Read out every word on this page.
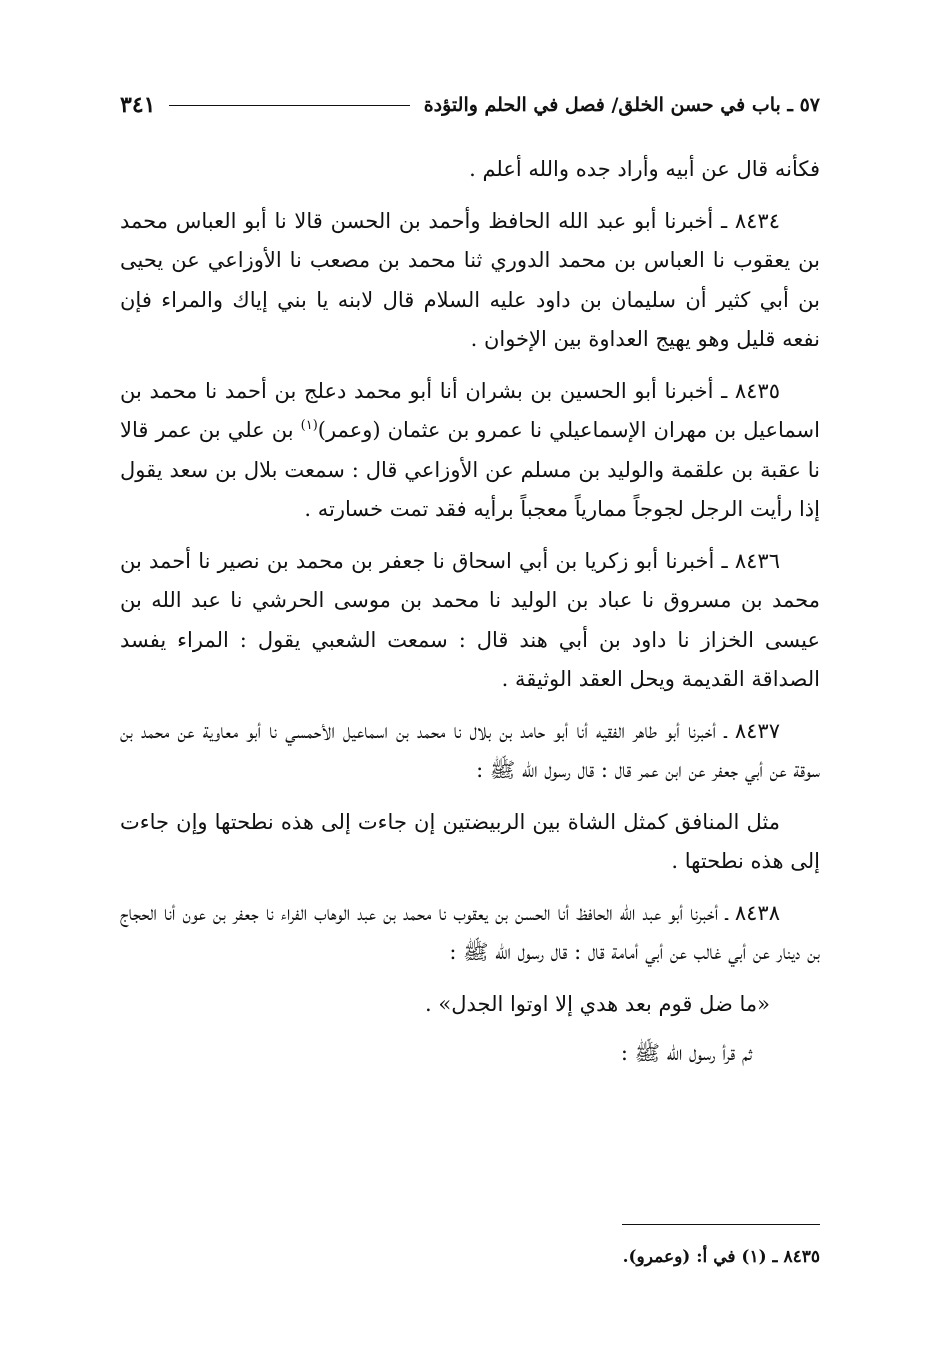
٥٧ ـ باب في حسن الخلق/ فصل في الحلم والتؤدة
٣٤١

فكأنه قال عن أبيه وأراد جده والله أعلم .

٨٤٣٤ ـ أخبرنا أبو عبد الله الحافظ وأحمد بن الحسن قالا نا أبو العباس محمد بن يعقوب نا العباس بن محمد الدوري ثنا محمد بن مصعب نا الأوزاعي عن يحيى بن أبي كثير أن سليمان بن داود عليه السلام قال لابنه يا بني إياك والمراء فإن نفعه قليل وهو يهيج العداوة بين الإخوان .

٨٤٣٥ ـ أخبرنا أبو الحسين بن بشران أنا أبو محمد دعلج بن أحمد نا محمد بن اسماعيل بن مهران الإسماعيلي نا عمرو بن عثمان (وعمر)$^{(١)}$ بن علي بن عمر قالا نا عقبة بن علقمة والوليد بن مسلم عن الأوزاعي قال : سمعت بلال بن سعد يقول إذا رأيت الرجل لجوجاً ممارياً معجباً برأيه فقد تمت خسارته .

٨٤٣٦ ـ أخبرنا أبو زكريا بن أبي اسحاق نا جعفر بن محمد بن نصير نا أحمد بن محمد بن مسروق نا عباد بن الوليد نا محمد بن موسى الحرشي نا عبد الله بن عيسى الخزاز نا داود بن أبي هند قال : سمعت الشعبي يقول : المراء يفسد الصداقة القديمة ويحل العقد الوثيقة .

٨٤٣٧ ـ أخبرنا أبو طاهر الفقيه أنا أبو حامد بن بلال نا محمد بن اسماعيل الأحمسي نا أبو معاوية عن محمد بن سوقة عن أبي جعفر عن ابن عمر قال : قال رسول الله ﷺ :

مثل المنافق كمثل الشاة بين الربيضتين إن جاءت إلى هذه نطحتها وإن جاءت إلى هذه نطحتها .

٨٤٣٨ ـ أخبرنا أبو عبد الله الحافظ أنا الحسن بن يعقوب نا محمد بن عبد الوهاب الفراء نا جعفر بن عون أنا الحجاج بن دينار عن أبي غالب عن أبي أمامة قال : قال رسول الله ﷺ :

«ما ضل قوم بعد هدي إلا اوتوا الجدل» .

ثم قرأ رسول الله ﷺ :

٨٤٣٥ ـ (١) في أ: (وعمرو).
